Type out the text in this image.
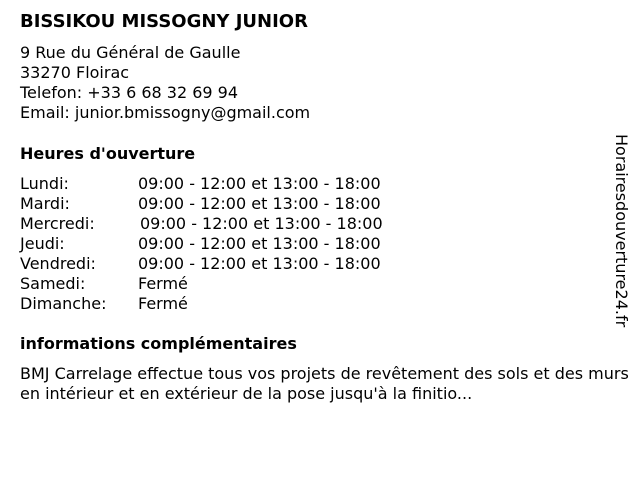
BISSIKOU MISSOGNY JUNIOR
9 Rue du Général de Gaulle
33270 Floirac
Telefon: +33 6 68 32 69 94
Email: junior.bmissogny@gmail.com
Heures d'ouverture
Lundi:	09:00 - 12:00 et 13:00 - 18:00
Mardi:	09:00 - 12:00 et 13:00 - 18:00
Mercredi:	09:00 - 12:00 et 13:00 - 18:00
Jeudi:	09:00 - 12:00 et 13:00 - 18:00
Vendredi:	09:00 - 12:00 et 13:00 - 18:00
Samedi:	Fermé
Dimanche: Fermé
informations complémentaires
BMJ Carrelage effectue tous vos projets de revêtement des sols et des murs en intérieur et en extérieur de la pose jusqu'à la finitio...
Horairesdouverture24.fr
